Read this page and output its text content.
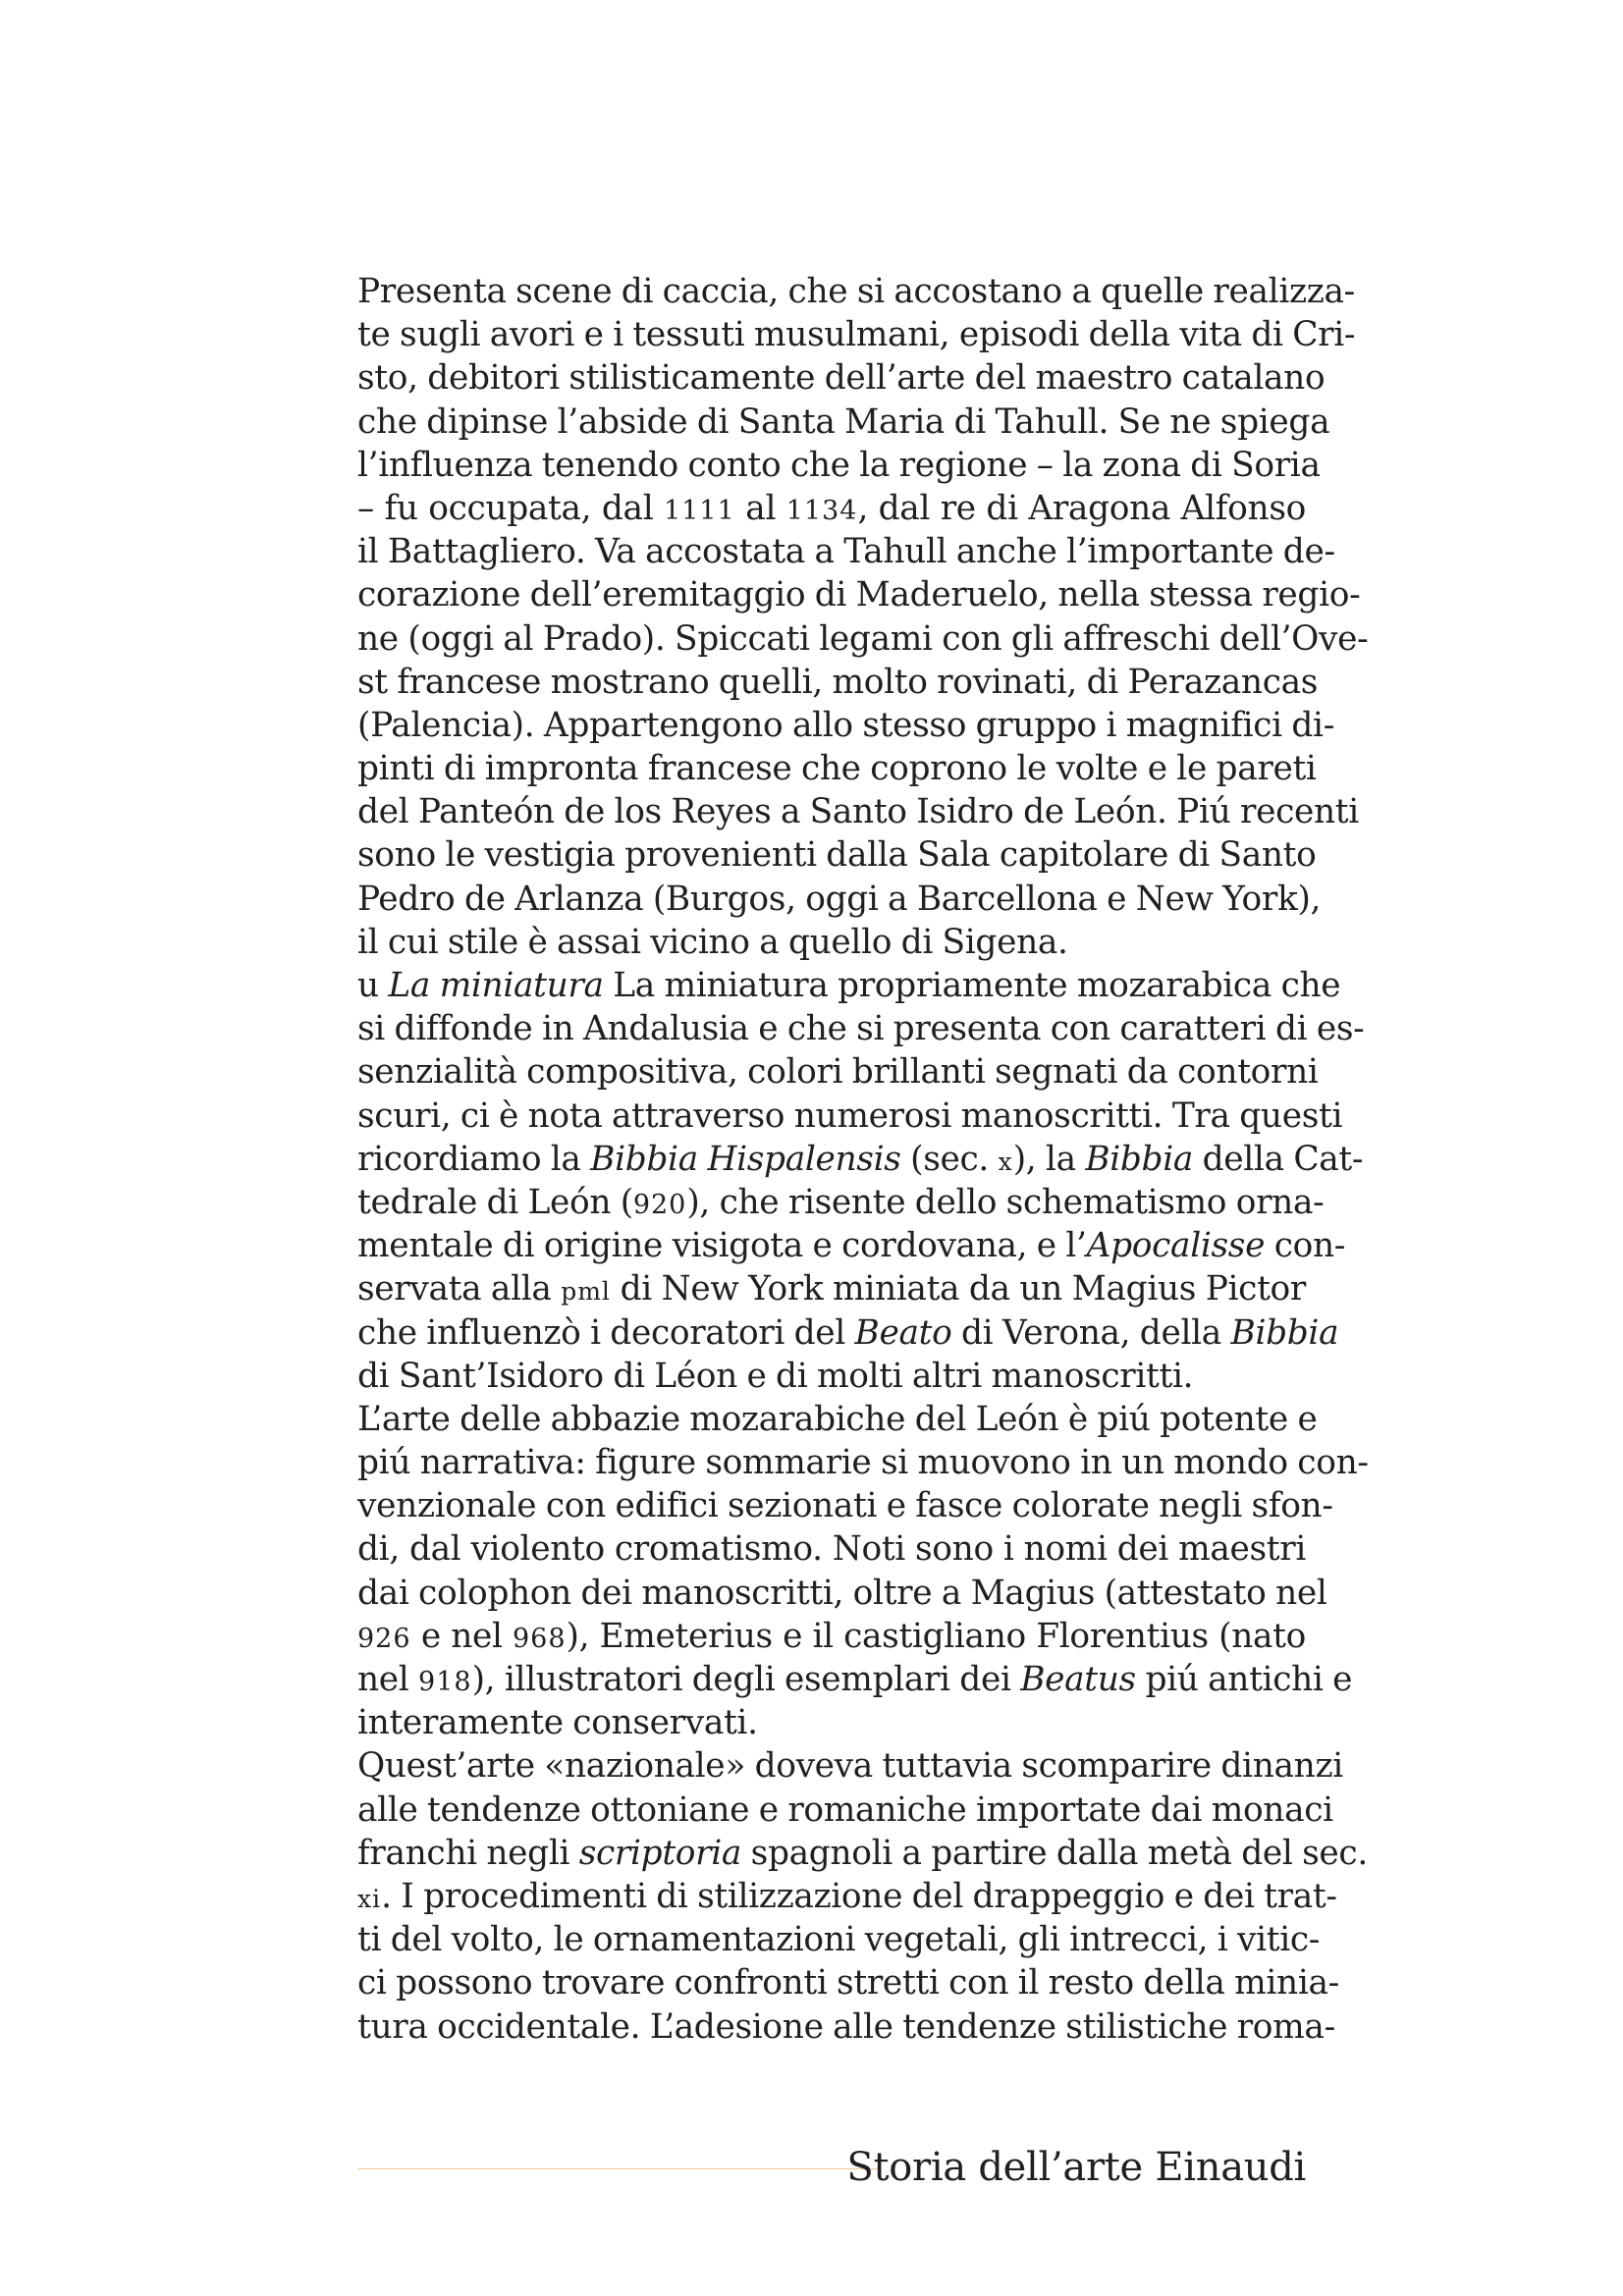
Presenta scene di caccia, che si accostano a quelle realizza-
te sugli avori e i tessuti musulmani, episodi della vita di Cri-
sto, debitori stilisticamente dell’arte del maestro catalano
che dipinse l’abside di Santa Maria di Tahull. Se ne spiega
l’influenza tenendo conto che la regione – la zona di Soria
– fu occupata, dal 1111 al 1134, dal re di Aragona Alfonso
il Battagliero. Va accostata a Tahull anche l’importante de-
corazione dell’eremitaggio di Maderuelo, nella stessa regio-
ne (oggi al Prado). Spiccati legami con gli affreschi dell’Ove-
st francese mostrano quelli, molto rovinati, di Perazancas
(Palencia). Appartengono allo stesso gruppo i magnifici di-
pinti di impronta francese che coprono le volte e le pareti
del Panteón de los Reyes a Santo Isidro de León. Piú recenti
sono le vestigia provenienti dalla Sala capitolare di Santo
Pedro de Arlanza (Burgos, oggi a Barcellona e New York),
il cui stile è assai vicino a quello di Sigena.
u La miniatura La miniatura propriamente mozarabica che
si diffonde in Andalusia e che si presenta con caratteri di es-
senzialità compositiva, colori brillanti segnati da contorni
scuri, ci è nota attraverso numerosi manoscritti. Tra questi
ricordiamo la Bibbia Hispalensis (sec. x), la Bibbia della Cat-
tedrale di León (920), che risente dello schematismo orna-
mentale di origine visigota e cordovana, e l’Apocalisse con-
servata alla pml di New York miniata da un Magius Pictor
che influenzò i decoratori del Beato di Verona, della Bibbia
di Sant’Isidoro di Léon e di molti altri manoscritti.
L’arte delle abbazie mozarabiche del León è piú potente e
piú narrativa: figure sommarie si muovono in un mondo con-
venzionale con edifici sezionati e fasce colorate negli sfon-
di, dal violento cromatismo. Noti sono i nomi dei maestri
dai colophon dei manoscritti, oltre a Magius (attestato nel
926 e nel 968), Emeterius e il castigliano Florentius (nato
nel 918), illustratori degli esemplari dei Beatus piú antichi e
interamente conservati.
Quest’arte «nazionale» doveva tuttavia scomparire dinanzi
alle tendenze ottoniane e romaniche importate dai monaci
franchi negli scriptoria spagnoli a partire dalla metà del sec.
xi. I procedimenti di stilizzazione del drappeggio e dei trat-
ti del volto, le ornamentazioni vegetali, gli intrecci, i vitic-
ci possono trovare confronti stretti con il resto della minia-
tura occidentale. L’adesione alle tendenze stilistiche roma-
Storia dell’arte Einaudi
